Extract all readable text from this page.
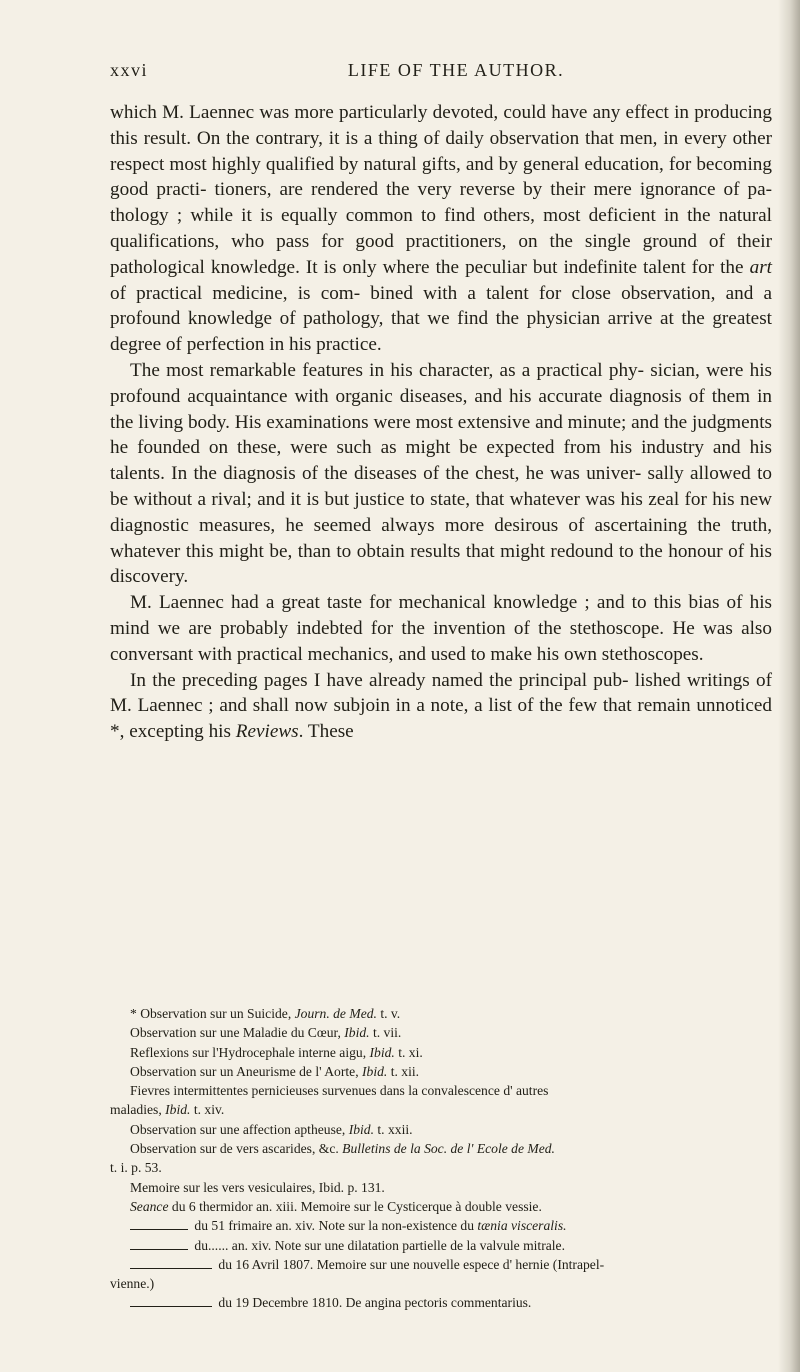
xxvi	LIFE OF THE AUTHOR.

which M. Laennec was more particularly devoted, could have any effect in producing this result. On the contrary, it is a thing of daily observation that men, in every other respect most highly qualified by natural gifts, and by general education, for becoming good practi- tioners, are rendered the very reverse by their mere ignorance of pa- thology ; while it is equally common to find others, most deficient in the natural qualifications, who pass for good practitioners, on the single ground of their pathological knowledge. It is only where the peculiar but indefinite talent for the art of practical medicine, is com- bined with a talent for close observation, and a profound knowledge of pathology, that we find the physician arrive at the greatest degree of perfection in his practice.

The most remarkable features in his character, as a practical phy- sician, were his profound acquaintance with organic diseases, and his accurate diagnosis of them in the living body. His examinations were most extensive and minute; and the judgments he founded on these, were such as might be expected from his industry and his talents. In the diagnosis of the diseases of the chest, he was univer- sally allowed to be without a rival; and it is but justice to state, that whatever was his zeal for his new diagnostic measures, he seemed always more desirous of ascertaining the truth, whatever this might be, than to obtain results that might redound to the honour of his discovery.

M. Laennec had a great taste for mechanical knowledge ; and to this bias of his mind we are probably indebted for the invention of the stethoscope. He was also conversant with practical mechanics, and used to make his own stethoscopes.

In the preceding pages I have already named the principal pub- lished writings of M. Laennec ; and shall now subjoin in a note, a list of the few that remain unnoticed *, excepting his Reviews. These

* Observation sur un Suicide, Journ. de Med. t. v.
Observation sur une Maladie du Cœur, Ibid. t. vii.
Reflexions sur l'Hydrocephale interne aigu, Ibid. t. xi.
Observation sur un Aneurisme de l' Aorte, Ibid. t. xii.
Fievres intermittentes pernicieuses survenues dans la convalescence d' autres
maladies, Ibid. t. xiv.
Observation sur une affection aptheuse, Ibid. t. xxii.
Observation sur de vers ascarides, &c. Bulletins de la Soc. de l' Ecole de Med.
t. i. p. 53.
Memoire sur les vers vesiculaires, Ibid. p. 131.
Seance du 6 thermidor an. xiii. Memoire sur le Cysticerque à double vessie.
du 51 frimaire an. xiv. Note sur la non-existence du tænia visceralis.
du...... an. xiv. Note sur une dilatation partielle de la valvule mitrale.
du 16 Avril 1807. Memoire sur une nouvelle espece d' hernie (Intrapel-
vienne.)
du 19 Decembre 1810. De angina pectoris commentarius.
